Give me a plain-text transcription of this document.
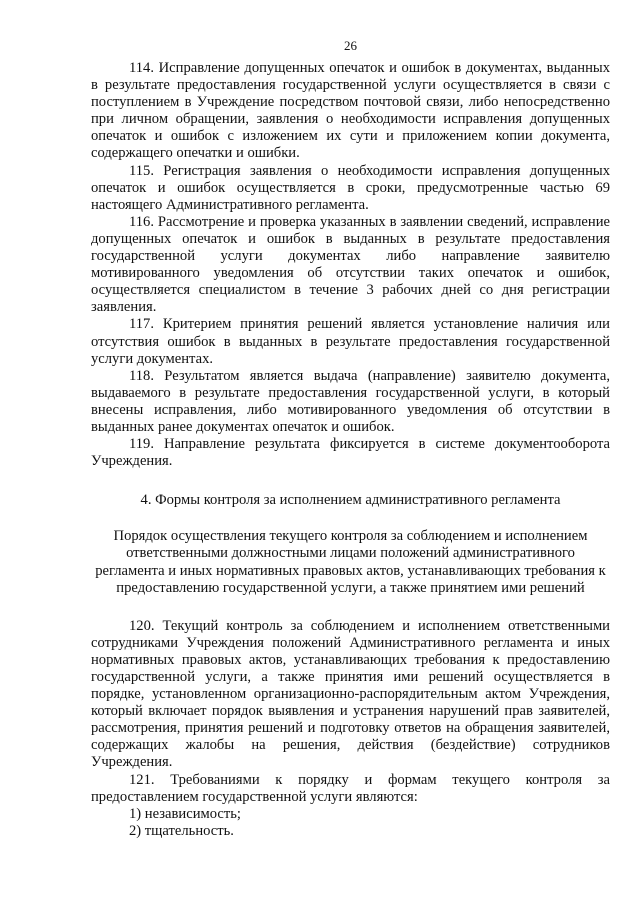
26

114. Исправление допущенных опечаток и ошибок в документах, выданных в результате предоставления государственной услуги осуществляется в связи с поступлением в Учреждение посредством почтовой связи, либо непосредственно при личном обращении, заявления о необходимости исправления допущенных опечаток и ошибок с изложением их сути и приложением копии документа, содержащего опечатки и ошибки.

115. Регистрация заявления о необходимости исправления допущенных опечаток и ошибок осуществляется в сроки, предусмотренные частью 69 настоящего Административного регламента.

116. Рассмотрение и проверка указанных в заявлении сведений, исправление допущенных опечаток и ошибок в выданных в результате предоставления государственной услуги документах либо направление заявителю мотивированного уведомления об отсутствии таких опечаток и ошибок, осуществляется специалистом в течение 3 рабочих дней со дня регистрации заявления.

117. Критерием принятия решений является установление наличия или отсутствия ошибок в выданных в результате предоставления государственной услуги документах.

118. Результатом является выдача (направление) заявителю документа, выдаваемого в результате предоставления государственной услуги, в который внесены исправления, либо мотивированного уведомления об отсутствии в выданных ранее документах опечаток и ошибок.

119. Направление результата фиксируется в системе документооборота Учреждения.

4. Формы контроля за исполнением административного регламента
Порядок осуществления текущего контроля за соблюдением и исполнением ответственными должностными лицами положений административного регламента и иных нормативных правовых актов, устанавливающих требования к предоставлению государственной услуги, а также принятием ими решений

120. Текущий контроль за соблюдением и исполнением ответственными сотрудниками Учреждения положений Административного регламента и иных нормативных правовых актов, устанавливающих требования к предоставлению государственной услуги, а также принятия ими решений осуществляется в порядке, установленном организационно-распорядительным актом Учреждения, который включает порядок выявления и устранения нарушений прав заявителей, рассмотрения, принятия решений и подготовку ответов на обращения заявителей, содержащих жалобы на решения, действия (бездействие) сотрудников Учреждения.

121. Требованиями к порядку и формам текущего контроля за предоставлением государственной услуги являются:

1) независимость;

2) тщательность.
